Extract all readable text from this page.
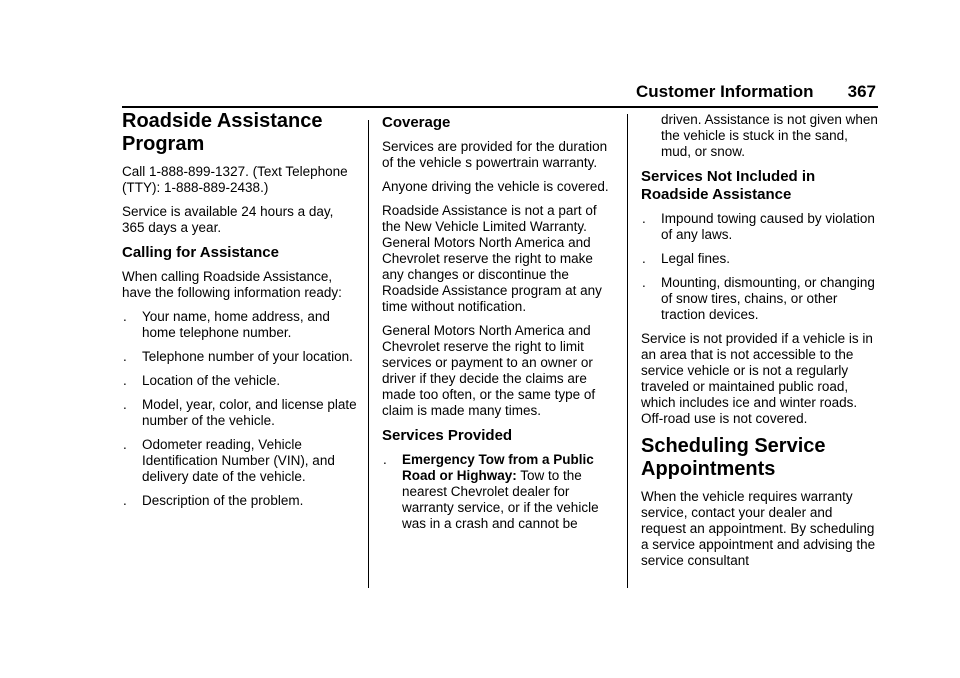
Customer Information 367
Roadside Assistance Program

Call 1-888-899-1327. (Text Telephone (TTY): 1-888-889-2438.)

Service is available 24 hours a day, 365 days a year.

Calling for Assistance

When calling Roadside Assistance, have the following information ready:

. Your name, home address, and home telephone number.
. Telephone number of your location.
. Location of the vehicle.
. Model, year, color, and license plate number of the vehicle.
. Odometer reading, Vehicle Identification Number (VIN), and delivery date of the vehicle.
. Description of the problem.
Coverage

Services are provided for the duration of the vehicle s powertrain warranty.

Anyone driving the vehicle is covered.

Roadside Assistance is not a part of the New Vehicle Limited Warranty. General Motors North America and Chevrolet reserve the right to make any changes or discontinue the Roadside Assistance program at any time without notification.

General Motors North America and Chevrolet reserve the right to limit services or payment to an owner or driver if they decide the claims are made too often, or the same type of claim is made many times.

Services Provided
. Emergency Tow from a Public Road or Highway: Tow to the nearest Chevrolet dealer for warranty service, or if the vehicle was in a crash and cannot be

driven. Assistance is not given when the vehicle is stuck in the sand, mud, or snow.

Services Not Included in Roadside Assistance
. Impound towing caused by violation of any laws.
. Legal fines.
. Mounting, dismounting, or changing of snow tires, chains, or other traction devices.

Service is not provided if a vehicle is in an area that is not accessible to the service vehicle or is not a regularly traveled or maintained public road, which includes ice and winter roads. Off-road use is not covered.

Scheduling Service Appointments

When the vehicle requires warranty service, contact your dealer and request an appointment. By scheduling a service appointment and advising the service consultant
